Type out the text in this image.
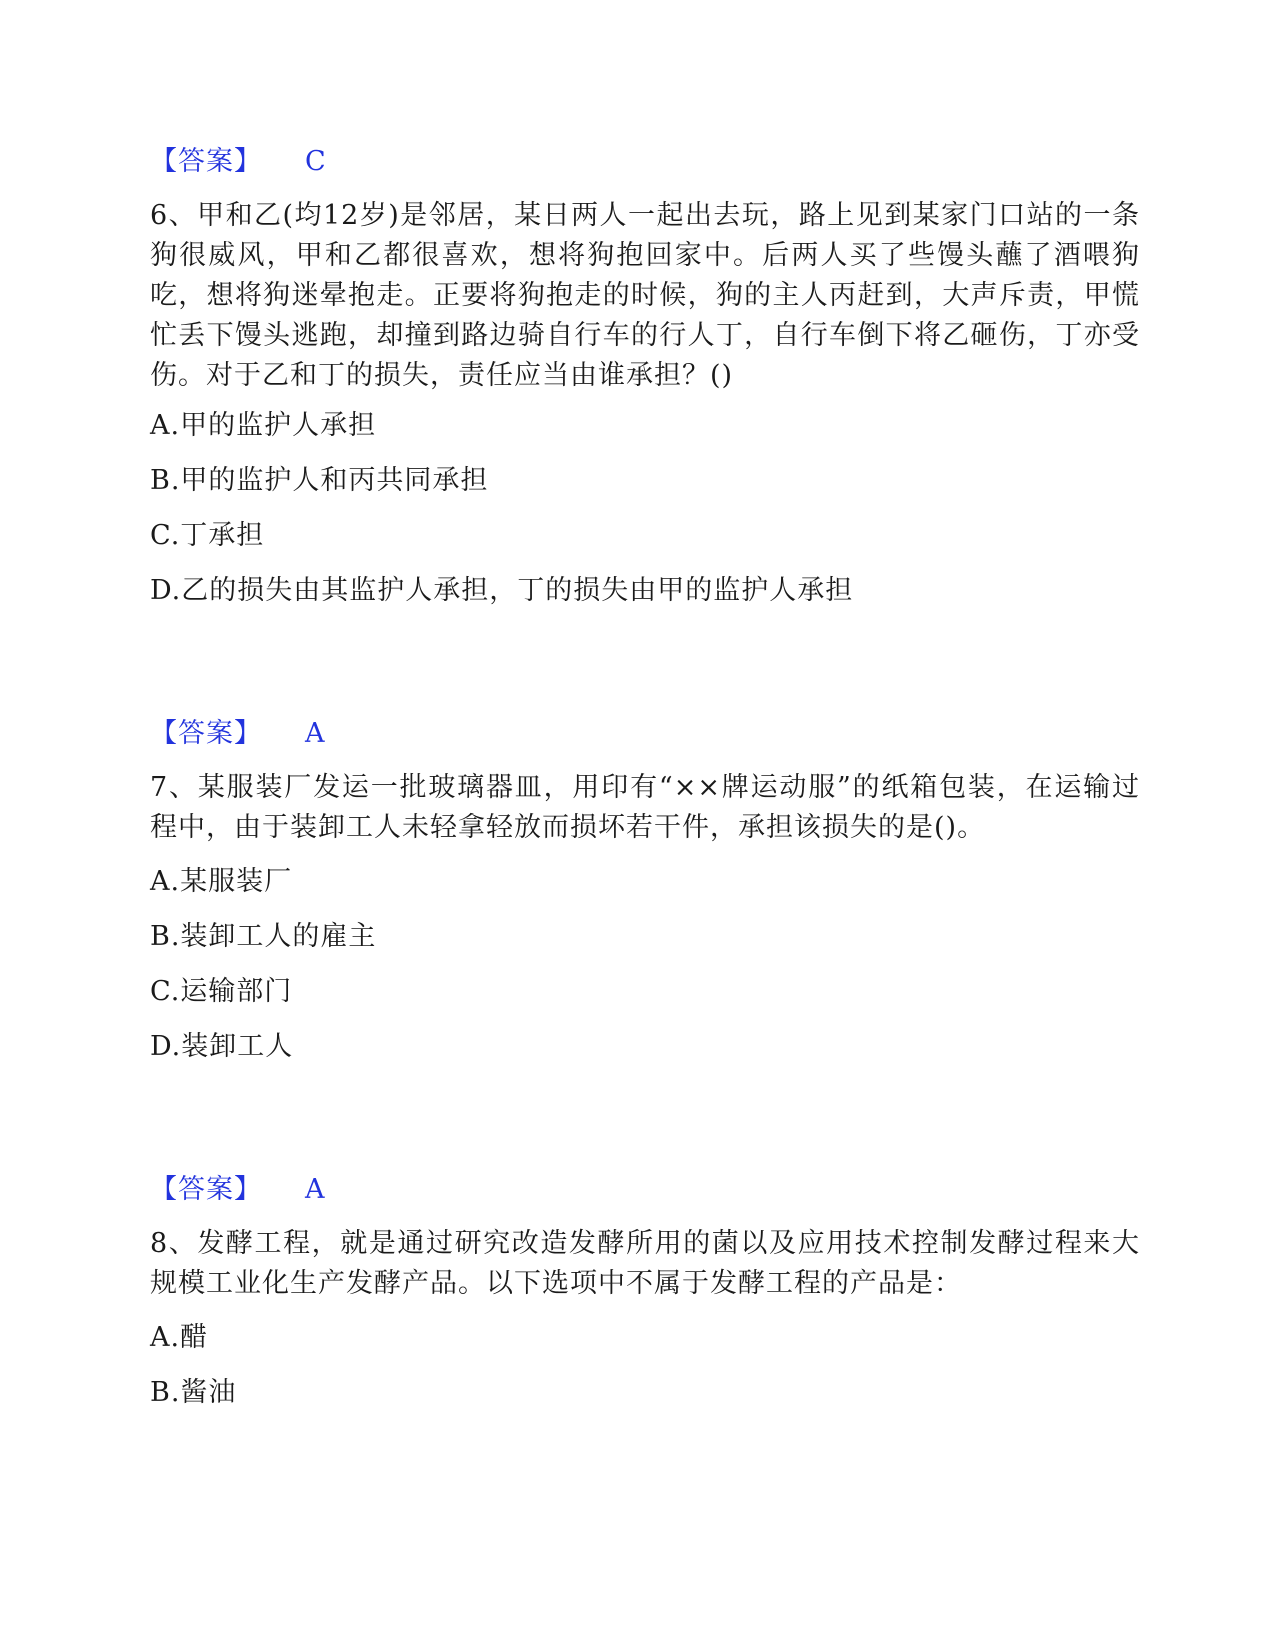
【答案】 C

6、甲和乙(均12岁)是邻居，某日两人一起出去玩，路上见到某家门口站的一条狗很威风，甲和乙都很喜欢，想将狗抱回家中。后两人买了些馒头蘸了酒喂狗吃，想将狗迷晕抱走。正要将狗抱走的时候，狗的主人丙赶到，大声斥责，甲慌忙丢下馒头逃跑，却撞到路边骑自行车的行人丁，自行车倒下将乙砸伤，丁亦受伤。对于乙和丁的损失，责任应当由谁承担？()

A.甲的监护人承担
B.甲的监护人和丙共同承担
C.丁承担
D.乙的损失由其监护人承担，丁的损失由甲的监护人承担
【答案】 A

7、某服装厂发运一批玻璃器皿，用印有“××牌运动服”的纸箱包装，在运输过程中，由于装卸工人未轻拿轻放而损坏若干件，承担该损失的是()。

A.某服装厂
B.装卸工人的雇主
C.运输部门
D.装卸工人
【答案】 A

8、发酵工程，就是通过研究改造发酵所用的菌以及应用技术控制发酵过程来大规模工业化生产发酵产品。以下选项中不属于发酵工程的产品是：

A.醋
B.酱油
